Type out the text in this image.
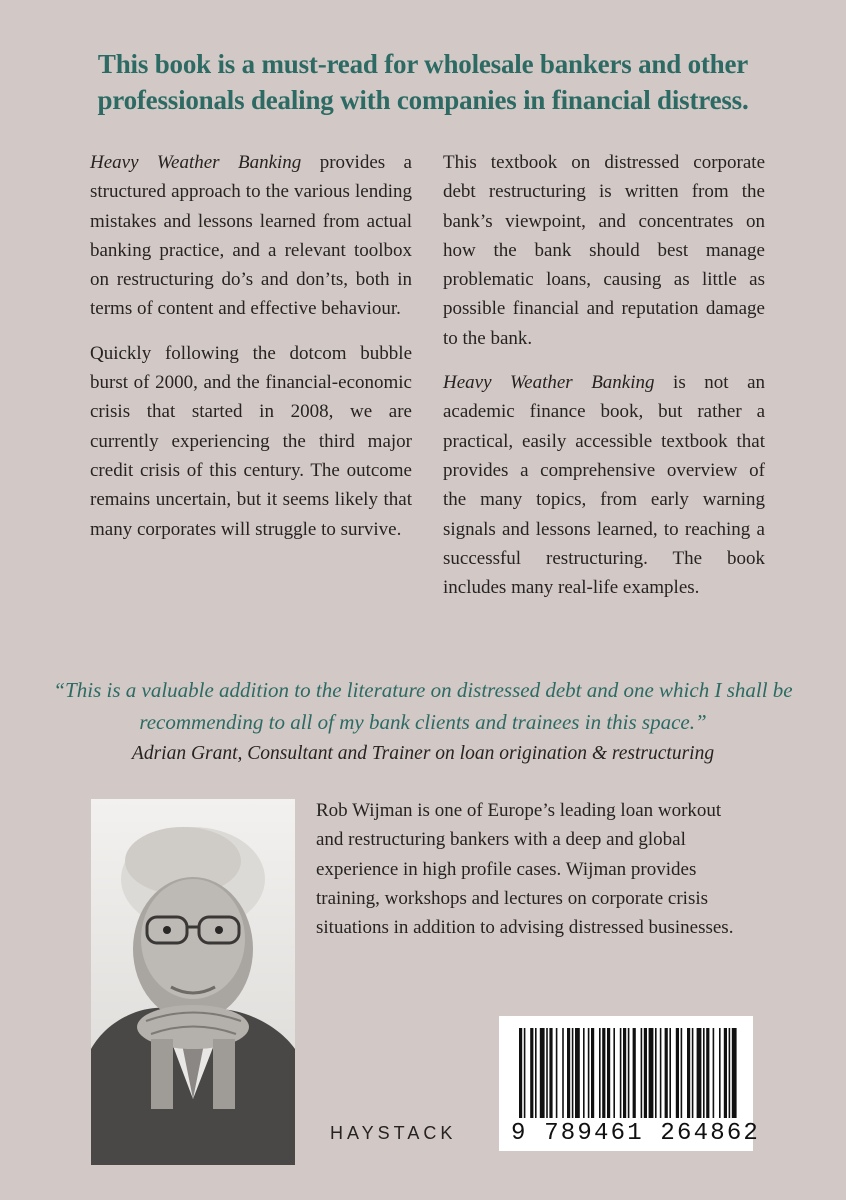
This book is a must-read for wholesale bankers and other professionals dealing with companies in financial distress.

Heavy Weather Banking provides a structured approach to the various lending mistakes and lessons learned from actual banking practice, and a relevant toolbox on restructuring do’s and don’ts, both in terms of content and effective behaviour.

Quickly following the dotcom bubble burst of 2000, and the financial-economic crisis that started in 2008, we are currently experiencing the third major credit crisis of this century. The outcome remains uncertain, but it seems likely that many corporates will struggle to survive.

This textbook on distressed corporate debt restructuring is written from the bank’s viewpoint, and concentrates on how the bank should best manage problematic loans, causing as little as possible financial and reputation damage to the bank.

Heavy Weather Banking is not an academic finance book, but rather a practical, easily accessible textbook that provides a comprehensive overview of the many topics, from early warning signals and lessons learned, to reaching a successful restructuring. The book includes many real-life examples.

“This is a valuable addition to the literature on distressed debt and one which I shall be recommending to all of my bank clients and trainees in this space.”
Adrian Grant, Consultant and Trainer on loan origination & restructuring
Rob Wijman is one of Europe’s leading loan workout and restructuring bankers with a deep and global experience in high profile cases. Wijman provides training, workshops and lectures on corporate crisis situations in addition to advising distressed businesses.
HAYSTACK 9 789461 264862
